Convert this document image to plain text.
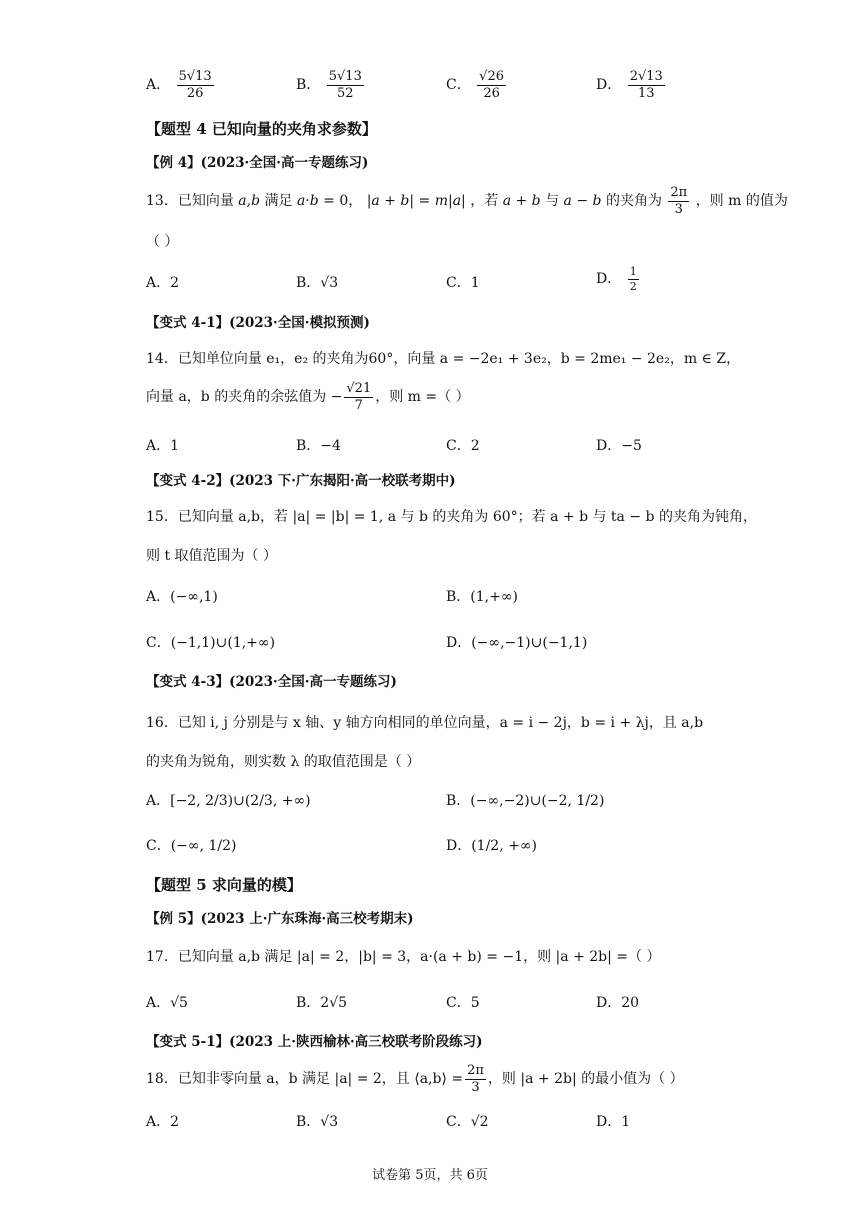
A． $\frac{5√13}{26}$	B． $\frac{5√13}{52}$	C． $\frac{√26}{26}$	D． $\frac{2√13}{13}$
【题型 4 已知向量的夹角求参数】
【例 4】(2023·全国·高一专题练习)
13．已知向量 a,b 满足 a·b = 0， |a + b| = m|a| ，若 a + b 与 a − b 的夹角为 $\frac{2\pi}{3}$ ，则 m 的值为
（ ）
A．2	B．√3	C．1	D． $\frac{1}{2}$
【变式 4-1】(2023·全国·模拟预测)
14．已知单位向量 e₁，e₂ 的夹角为60°，向量 a = −2e₁ + 3e₂，b = 2me₁ − 2e₂，m ∈ Z，
向量 a，b 的夹角的余弦值为 − $\frac{√21}{7}$ ，则 m =（ ）
A．1	B．−4	C．2	D．−5
【变式 4-2】(2023 下·广东揭阳·高一校联考期中)
15．已知向量 a,b，若 |a| = |b| = 1, a 与 b 的夹角为 60°；若 a + b 与 ta − b 的夹角为钝角，
则 t 取值范围为（ ）
A．(−∞,1)	B．(1,+∞)
C．(−1,1)∪(1,+∞)	D．(−∞,−1)∪(−1,1)
【变式 4-3】(2023·全国·高一专题练习)
16．已知 i, j 分别是与 x 轴、y 轴方向相同的单位向量，a = i − 2j，b = i + λj，且 a,b
的夹角为锐角，则实数 λ 的取值范围是（ ）
A．[−2, 2/3)∪(2/3, +∞)	B．(−∞,−2)∪(−2, 1/2)
C．(−∞, 1/2)	D．(1/2, +∞)
【题型 5 求向量的模】
【例 5】(2023 上·广东珠海·高三校考期末)
17．已知向量 a,b 满足 |a| = 2，|b| = 3，a·(a + b) = −1，则 |a + 2b| =（ ）
A．√5	B．2√5	C．5	D．20
【变式 5-1】(2023 上·陕西榆林·高三校联考阶段练习)
18．已知非零向量 a，b 满足 |a| = 2，且 ⟨a,b⟩ = $\frac{2\pi}{3}$ ，则 |a + 2b| 的最小值为（ ）
A．2	B．√3	C．√2	D．1
试卷第 5页，共 6页
